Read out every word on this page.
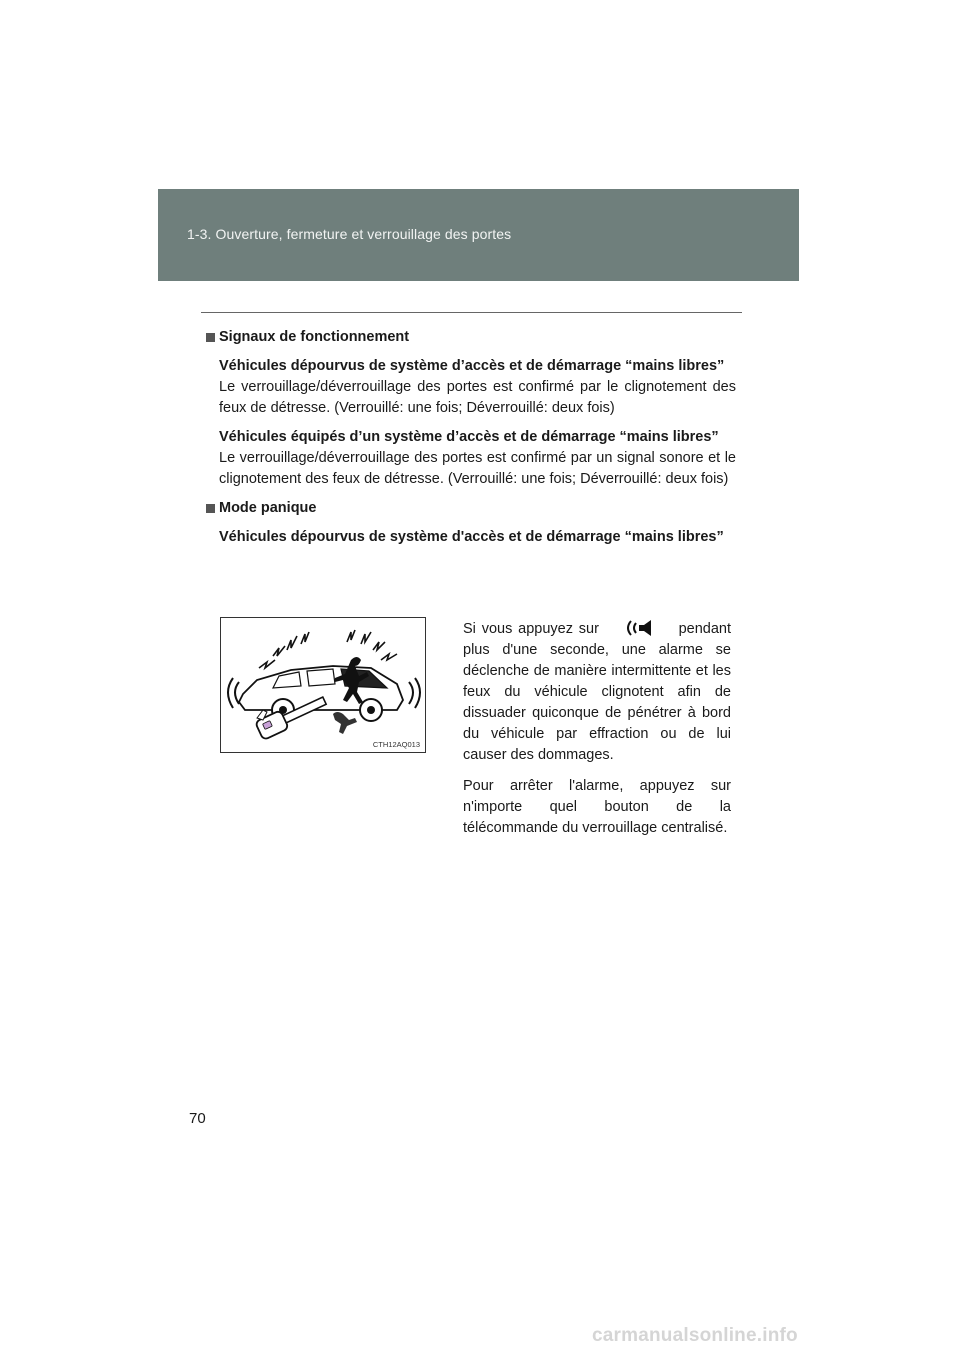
1-3. Ouverture, fermeture et verrouillage des portes
Signaux de fonctionnement

Véhicules dépourvus de système d’accès et de démarrage “mains libres”

Le verrouillage/déverrouillage des portes est confirmé par le clignotement des feux de détresse. (Verrouillé: une fois; Déverrouillé: deux fois)

Véhicules équipés d’un système d’accès et de démarrage “mains libres”

Le verrouillage/déverrouillage des portes est confirmé par un signal sonore et le clignotement des feux de détresse. (Verrouillé: une fois; Déverrouillé: deux fois)

Mode panique

Véhicules dépourvus de système d'accès et de démarrage “mains libres”

CTH12AQ013

Si vous appuyez sur	pendant plus d'une seconde, une alarme se déclenche de manière intermittente et les feux du véhicule clignotent afin de dissuader quiconque de pénétrer à bord du véhicule par effraction ou de lui causer des dommages.

Pour arrêter l'alarme, appuyez sur n'importe quel bouton de la télécommande du verrouillage centralisé.

70
carmanualsonline.info
